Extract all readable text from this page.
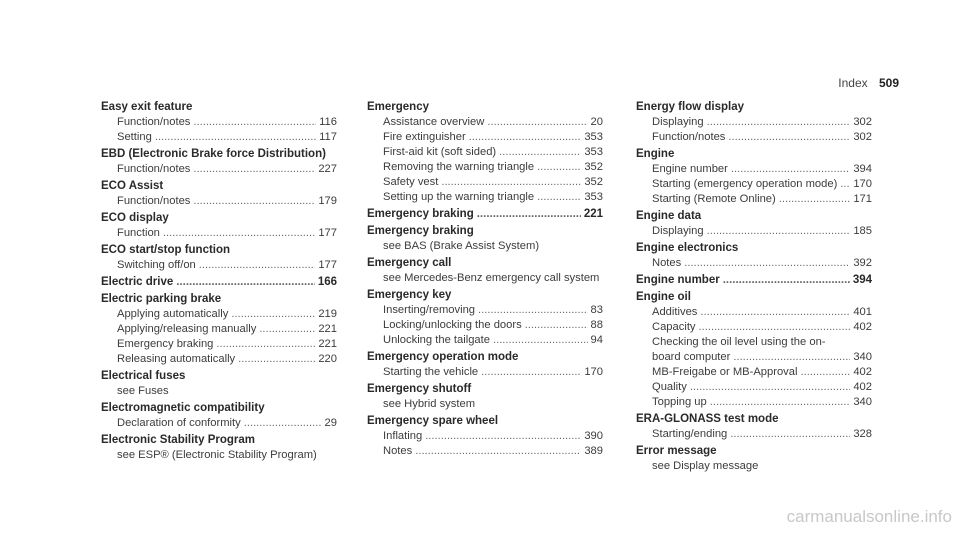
Index 509
Easy exit feature
Function/notes .....	116
Setting .....	117
EBD (Electronic Brake force Distribution)
Function/notes .....	227
ECO Assist
Function/notes .....	179
ECO display
Function .....	177
ECO start/stop function
Switching off/on .....	177
Electric drive .....	166
Electric parking brake
Applying automatically .....	219
Applying/releasing manually .....	221
Emergency braking .....	221
Releasing automatically .....	220
Electrical fuses
see Fuses
Electromagnetic compatibility
Declaration of conformity .....	29
Electronic Stability Program
see ESP® (Electronic Stability Program)
Emergency
Assistance overview .....	20
Fire extinguisher .....	353
First-aid kit (soft sided) .....	353
Removing the warning triangle .....	352
Safety vest .....	352
Setting up the warning triangle .....	353
Emergency braking .....	221
Emergency braking
see BAS (Brake Assist System)
Emergency call
see Mercedes-Benz emergency call system
Emergency key
Inserting/removing .....	83
Locking/unlocking the doors .....	88
Unlocking the tailgate .....	94
Emergency operation mode
Starting the vehicle .....	170
Emergency shutoff
see Hybrid system
Emergency spare wheel
Inflating .....	390
Notes .....	389
Energy flow display
Displaying .....	302
Function/notes .....	302
Engine
Engine number .....	394
Starting (emergency operation mode) ..... 170
Starting (Remote Online) .....	171
Engine data
Displaying .....	185
Engine electronics
Notes .....	392
Engine number .....	394
Engine oil
Additives .....	401
Capacity .....	402
Checking the oil level using the on-
board computer .....	340
MB-Freigabe or MB-Approval .....	402
Quality .....	402
Topping up .....	340
ERA-GLONASS test mode
Starting/ending .....	328
Error message
see Display message
carmanualsonline.info
